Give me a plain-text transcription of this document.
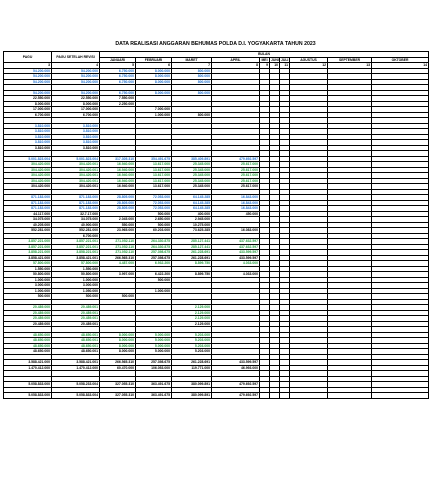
DATA REALISASI ANGGARAN BEHUMAS POLDA D.I. YOGYAKARTA TAHUN 2023
PAGU	PAGU SETELAH REVISI	BULAN									
		JANUARI	FEBRUARI	MARET	APRIL	MEI	JUNI	JULI	AGUSTUS	SEPTEMBER	OKTOBER
3	4	5	6	7	8	9	10	11	12	13	14
54.200.000	54.200.000	6.750.000	8.000.000	800.000							
54.200.000	54.200.000	6.750.000	8.000.000	800.000							
54.200.000	54.200.000	6.750.000	8.000.000	800.000							

54.200.000	54.200.000	6.750.000	8.000.000	800.000							
22.550.000	22.550.000	7.550.000									
8.000.000	8.000.000	2.250.000									
17.000.000	17.000.000		7.000.000								
6.700.000	6.700.000		1.000.000	800.000							

3.810.000	3.810.000										
3.810.000	3.810.000										
3.810.000	3.810.000										
3.810.000	3.810.000										
3.810.000	3.810.000										

5.001.823.004	5.001.823.004	317.305.310	354.491.675	385.409.891	479.692.597						
304.420.000	304.420.001	16.940.000	13.617.000	25.345.000	25.617.000						
304.420.000	304.420.001	16.940.000	13.617.000	25.345.000	25.617.000						
304.420.000	304.420.001	16.940.000	13.617.000	25.345.000	25.617.000						
304.420.000	304.420.001	16.940.000	13.617.000	25.345.000	25.617.000						
304.420.000	304.420.001	16.940.000	13.617.000	25.345.000	25.617.000						

871.183.000	871.183.000	28.805.000	72.053.000	64.145.285	16.843.000						
871.183.000	871.183.000	28.805.000	72.053.000	64.145.285	16.843.000						
871.183.000	871.183.000	28.805.000	72.053.000	64.145.285	16.843.000						
44.117.000	32.7.17.000		500.000	400.000	450.000						
34.075.000	34.075.000	2.045.000	2.650.000	2.945.000							
40.205.000	40.900.000	550.000	500.000	10.275.000							
552.281.000	552.281.000	23.965.000	60.203.000	73.625.285	16.083.000						
	6.700.000										
3.857.221.000	3.857.221.001	271.052.110	264.330.875	285.127.441	437.632.597						
3.857.221.000	3.857.221.001	271.052.110	264.330.875	285.127.441	437.632.597						
3.858.221.000	3.858.221.001	271.052.110	257.398.675	261.228.691	433.599.597						
3.858.421.000	3.858.421.001	266.565.310	257.398.675	261.228.691	433.599.597						
57.800.000	57.800.000	4.487.000	6.932.200	8.899.750	4.033.000						
1.550.000	1.550.000										
50.800.000	50.800.000	3.997.000	6.422.200	8.899.750	4.033.000						
1.000.000	1.000.000		500.000								
3.000.000	3.000.000										
1.000.000	1.050.000		1.000.000								
500.000	500.000	500.000									

20.489.000	20.489.001			2.129.000							
20.489.000	20.489.001			2.129.000							
20.489.000	20.489.001			2.129.000							
20.489.000	20.489.001			2.129.000							

48.650.000	48.650.001	8.000.000	5.000.000	5.203.000							
48.650.000	48.650.001	8.000.000	5.000.000	5.203.000							
48.650.000	48.650.001	8.000.000	5.000.000	5.203.000							
48.650.000	48.650.001	8.000.000	5.000.000	5.203.000							

3.588.421.000	3.588.421.001	266.565.310	257.398.675	261.228.691	433.599.597						
1.470.412.000	1.470.412.000	60.470.000	106.053.000	119.771.000	46.993.000						

5.058.833.000	5.058.233.004	327.055.310	363.491.675	380.099.891	479.692.597						

5.058.833.000	5.058.833.004	327.055.310	363.491.675	380.099.891	479.692.597						
